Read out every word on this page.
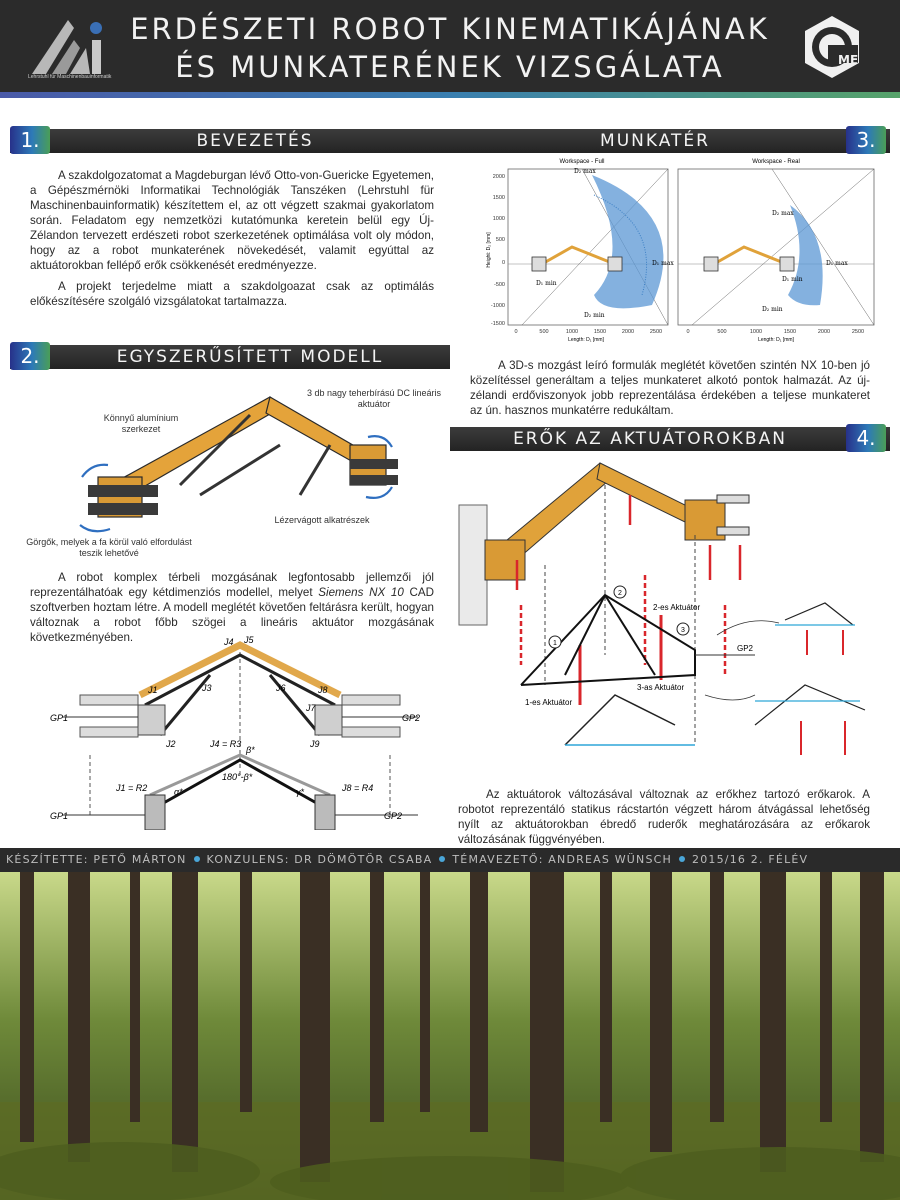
Lehrstuhl für Maschinenbauinformatik
ERDÉSZETI ROBOT KINEMATIKÁJÁNAK
ÉS MUNKATERÉNEK VIZSGÁLATA	ME
1.	BEVEZETÉS	3.
MUNKATÉR

A szakdolgozatomat a Magdeburgan lévő Otto-von-Guericke Egyetemen, a Gépészmérnöki Informatikai Technológiák Tanszéken (Lehrstuhl für Maschinenbauinformatik) készítettem el, az ott végzett szakmai gyakorlatom során. Feladatom egy nemzetközi kutatómunka keretein belül egy Új-Zélandon tervezett erdészeti robot szerkezetének optimálása volt oly módon, hogy az a robot munkaterének növekedését, valamit egyúttal az aktuátorokban fellépő erők csökkenését eredményezze.

A projekt terjedelme miatt a szakdolgoazat csak az optimálás előkészítésére szolgáló vizsgálatokat tartalmazza.

2.	EGYSZERŰSÍTETT MODELL
Könnyű alumínium szerkezet
3 db nagy teherbírású DC lineáris aktuátor
Lézervágott alkatrészek
Görgők, melyek a fa körül való elfordulást teszik lehetővé

A robot komplex térbeli mozgásának legfontosabb jellemzői jól reprezentálhatóak egy kétdimenziós modellel, melyet Siemens NX 10 CAD szoftverben hoztam létre. A modell meglétét követően feltárásra került, hogyan változnak a robot főbb szögei a lineáris aktuátor mozgásának következményében.

GP1	GP2
J1
J2
J3
J4 J5
J6
J7
J8
J9
GP1	GP2
J1 = R2
J4 = R3
J8 = R4
β*
180°-β*
α*	γ*
Workspace - Full
2000
1500
1000
500
0
-500
-1000
-1500
0	500	1000	1500	2000	2500
Length: D₁ [mm]
Height: D₂ [mm]
D₂ max
D₁ max
D₁ min
D₂ min
Workspace - Real
0	500	1000	1500	2000	2500
Length: D₁ [mm]
D₂ max
D₁ max
D₁ min
D₂ min

A 3D-s mozgást leíró formulák meglétét követően szintén NX 10-ben jó közelítéssel generáltam a teljes munkateret alkotó pontok halmazát. Az új-zélandi erdőviszonyok jobb reprezentálása érdekében a teljese munkateret az ún. hasznos munkatérre redukáltam.

4.
ERŐK AZ AKTUÁTOROKBAN
GP2
2-es Aktuátor
3-as Aktuátor
1-es Aktuátor
1
2
3

Az aktuátorok változásával változnak az erőkhez tartozó erőkarok. A robotot reprezentáló statikus rácstartón végzett három átvágással lehetőség nyílt az aktuátorokban ébredő ruderők meghatározására az erőkarok változásának függvényében.

KÉSZÍTETTE: PETŐ MÁRTON KONZULENS: DR DÖMÖTÖR CSABA TÉMAVEZETŐ: ANDREAS WÜNSCH 2015/16 2. FÉLÉV
